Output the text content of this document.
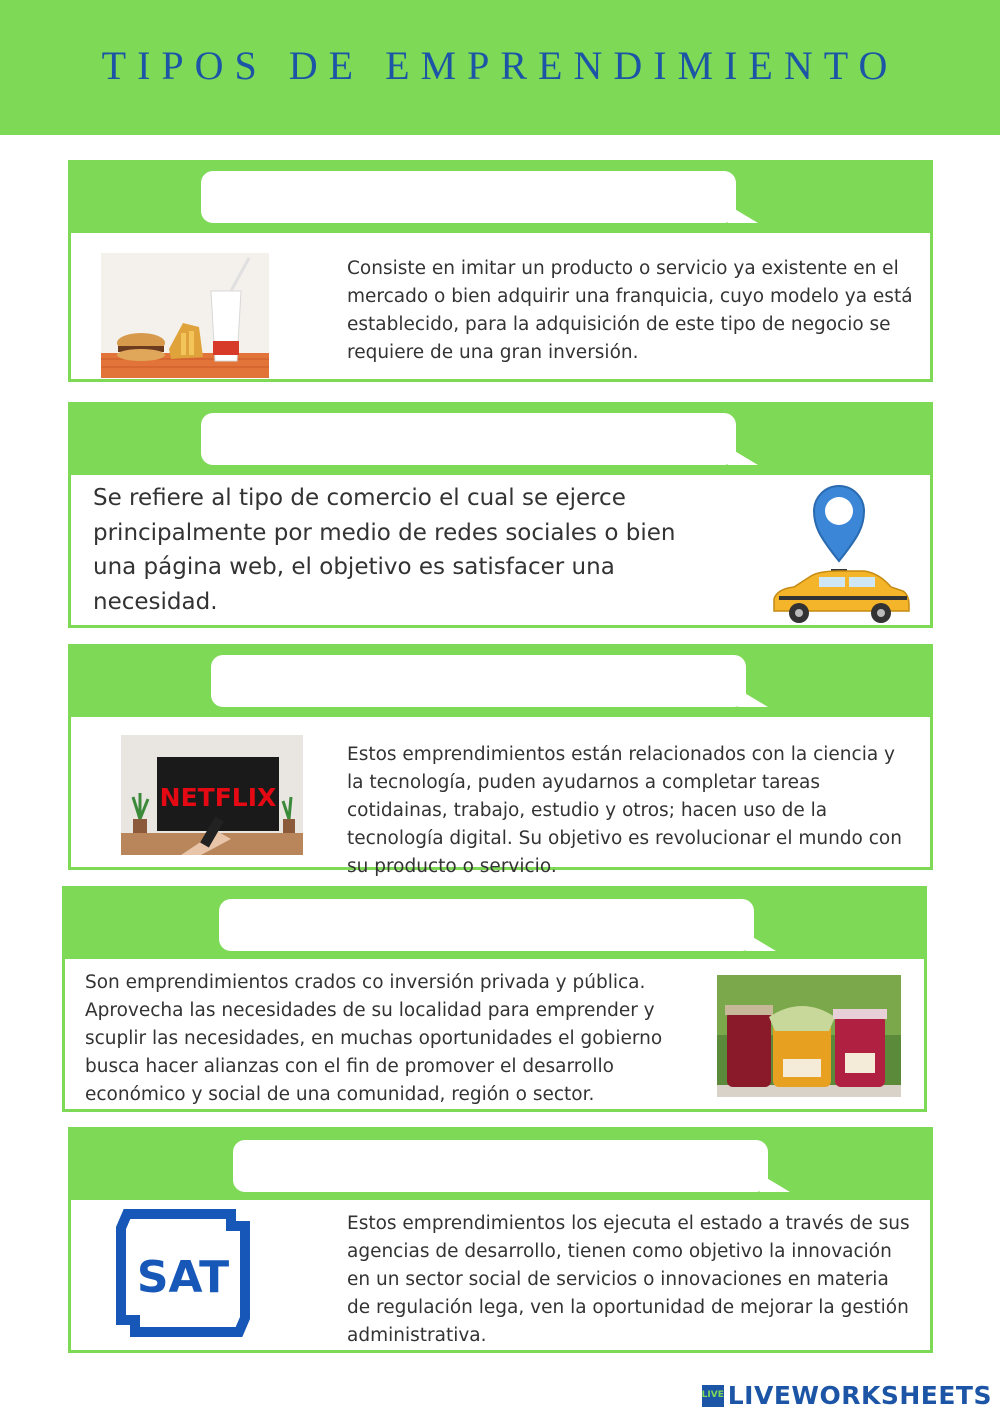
TIPOS DE EMPRENDIMIENTO
Consiste en imitar un producto o servicio ya existente en el mercado o bien adquirir una franquicia, cuyo modelo ya está establecido, para la adquisición de este tipo de negocio se requiere de una gran inversión.
Se refiere al tipo de comercio el cual se ejerce principalmente por medio de redes sociales o bien una página web, el objetivo es satisfacer una necesidad.
NETFLIX
Estos emprendimientos están relacionados con la ciencia y la tecnología, puden ayudarnos a completar tareas cotidainas, trabajo, estudio y otros; hacen uso de la tecnología digital. Su objetivo es revolucionar el mundo con su producto o servicio.
Son emprendimientos crados co inversión privada y pública. Aprovecha las necesidades de su localidad para emprender y scuplir las necesidades, en muchas oportunidades el gobierno busca hacer alianzas con el fin de promover el desarrollo económico y social de una comunidad, región o sector.
SAT
Estos emprendimientos los ejecuta el estado a través de sus agencias de desarrollo, tienen como objetivo la innovación en un sector social de servicios o innovaciones en materia de regulación lega, ven la oportunidad de mejorar la gestión administrativa.
LIVE LIVEWORKSHEETS
